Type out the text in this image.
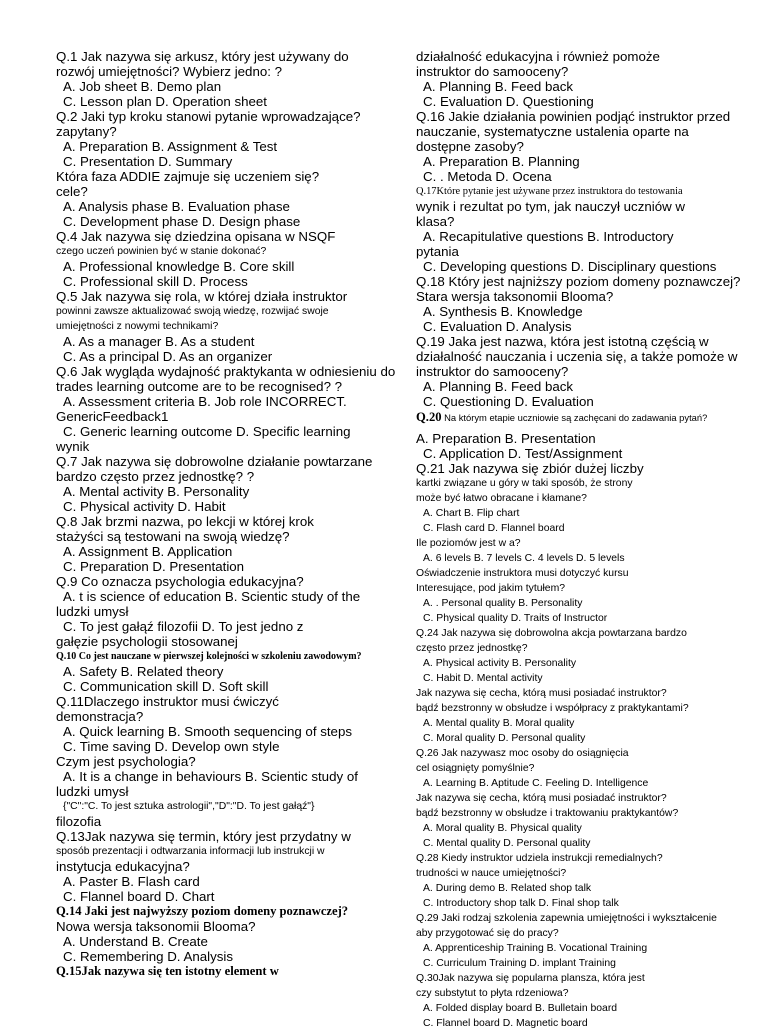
Q.1 Jak nazywa się arkusz, który jest używany do
rozwój umiejętności? Wybierz jedno: ?
A. Job sheet B. Demo plan
C. Lesson plan D. Operation sheet
Q.2 Jaki typ kroku stanowi pytanie wprowadzające?
zapytany?
A. Preparation B. Assignment & Test
C. Presentation D. Summary
Która faza ADDIE zajmuje się uczeniem się?
cele?
A. Analysis phase B. Evaluation phase
C. Development phase D. Design phase
Q.4 Jak nazywa się dziedzina opisana w NSQF
czego uczeń powinien być w stanie dokonać?
A. Professional knowledge B. Core skill
C. Professional skill D. Process
Q.5 Jak nazywa się rola, w której działa instruktor
powinni zawsze aktualizować swoją wiedzę, rozwijać swoje
umiejętności z nowymi technikami?
A. As a manager B. As a student
C. As a principal D. As an organizer
Q.6 Jak wygląda wydajność praktykanta w odniesieniu do
trades learning outcome are to be recognised? ?
A. Assessment criteria B. Job role INCORRECT.
GenericFeedback1
C. Generic learning outcome D. Specific learning
wynik
Q.7 Jak nazywa się dobrowolne działanie powtarzane
bardzo często przez jednostkę? ?
A. Mental activity B. Personality
C. Physical activity D. Habit
Q.8 Jak brzmi nazwa, po lekcji w której krok
stażyści są testowani na swoją wiedzę?
A. Assignment B. Application
C. Preparation D. Presentation
Q.9 Co oznacza psychologia edukacyjna?
A. t is science of education B. Scientic study of the
ludzki umysł
C. To jest gałąź filozofii D. To jest jedno z
gałęzie psychologii stosowanej
Q.10 Co jest nauczane w pierwszej kolejności w szkoleniu zawodowym?
A. Safety B. Related theory
C. Communication skill D. Soft skill
Q.11Dlaczego instruktor musi ćwiczyć
demonstracja?
A. Quick learning B. Smooth sequencing of steps
C. Time saving D. Develop own style
Czym jest psychologia?
A. It is a change in behaviours B. Scientic study of
ludzki umysł
{"C":"C. To jest sztuka astrologii","D":"D. To jest gałąź"}
filozofia
Q.13Jak nazywa się termin, który jest przydatny w
sposób prezentacji i odtwarzania informacji lub instrukcji w
instytucja edukacyjna?
A. Paster B. Flash card
C. Flannel board D. Chart
Q.14 Jaki jest najwyższy poziom domeny poznawczej?
Nowa wersja taksonomii Blooma?
A. Understand B. Create
C. Remembering D. Analysis
Q.15Jak nazywa się ten istotny element w
działalność edukacyjna i również pomoże
instruktor do samooceny?
A. Planning B. Feed back
C. Evaluation D. Questioning
Q.16 Jakie działania powinien podjąć instruktor przed
nauczanie, systematyczne ustalenia oparte na
dostępne zasoby?
A. Preparation B. Planning
C. . Metoda D. Ocena
Q.17Które pytanie jest używane przez instruktora do testowania
wynik i rezultat po tym, jak nauczył uczniów w
klasa?
A. Recapitulative questions B. Introductory
pytania
C. Developing questions D. Disciplinary questions
Q.18 Który jest najniższy poziom domeny poznawczej?
Stara wersja taksonomii Blooma?
A. Synthesis B. Knowledge
C. Evaluation D. Analysis
Q.19 Jaka jest nazwa, która jest istotną częścią w
działalność nauczania i uczenia się, a także pomoże w
instruktor do samooceny?
A. Planning B. Feed back
C. Questioning D. Evaluation
Q.20 Na którym etapie uczniowie są zachęcani do zadawania pytań?
A. Preparation B. Presentation
C. Application D. Test/Assignment
Q.21 Jak nazywa się zbiór dużej liczby
kartki związane u góry w taki sposób, że strony
może być łatwo obracane i kłamane?
A. Chart B. Flip chart
C. Flash card D. Flannel board
Ile poziomów jest w a?
A. 6 levels B. 7 levels C. 4 levels D. 5 levels
Oświadczenie instruktora musi dotyczyć kursu
Interesujące, pod jakim tytułem?
A. . Personal quality B. Personality
C. Physical quality D. Traits of Instructor
Q.24 Jak nazywa się dobrowolna akcja powtarzana bardzo
często przez jednostkę?
A. Physical activity B. Personality
C. Habit D. Mental activity
Jak nazywa się cecha, którą musi posiadać instruktor?
bądź bezstronny w obsłudze i współpracy z praktykantami?
A. Mental quality B. Moral quality
C. Moral quality D. Personal quality
Q.26 Jak nazywasz moc osoby do osiągnięcia
cel osiągnięty pomyślnie?
A. Learning B. Aptitude C. Feeling D. Intelligence
Jak nazywa się cecha, którą musi posiadać instruktor?
bądź bezstronny w obsłudze i traktowaniu praktykantów?
A. Moral quality B. Physical quality
C. Mental quality D. Personal quality
Q.28 Kiedy instruktor udziela instrukcji remedialnych?
trudności w nauce umiejętności?
A. During demo B. Related shop talk
C. Introductory shop talk D. Final shop talk
Q.29 Jaki rodzaj szkolenia zapewnia umiejętności i wykształcenie
aby przygotować się do pracy?
A. Apprenticeship Training B. Vocational Training
C. Curriculum Training D. implant Training
Q.30Jak nazywa się popularna plansza, która jest
czy substytut to płyta rdzeniowa?
A. Folded display board B. Bulletain board
C. Flannel board D. Magnetic board
